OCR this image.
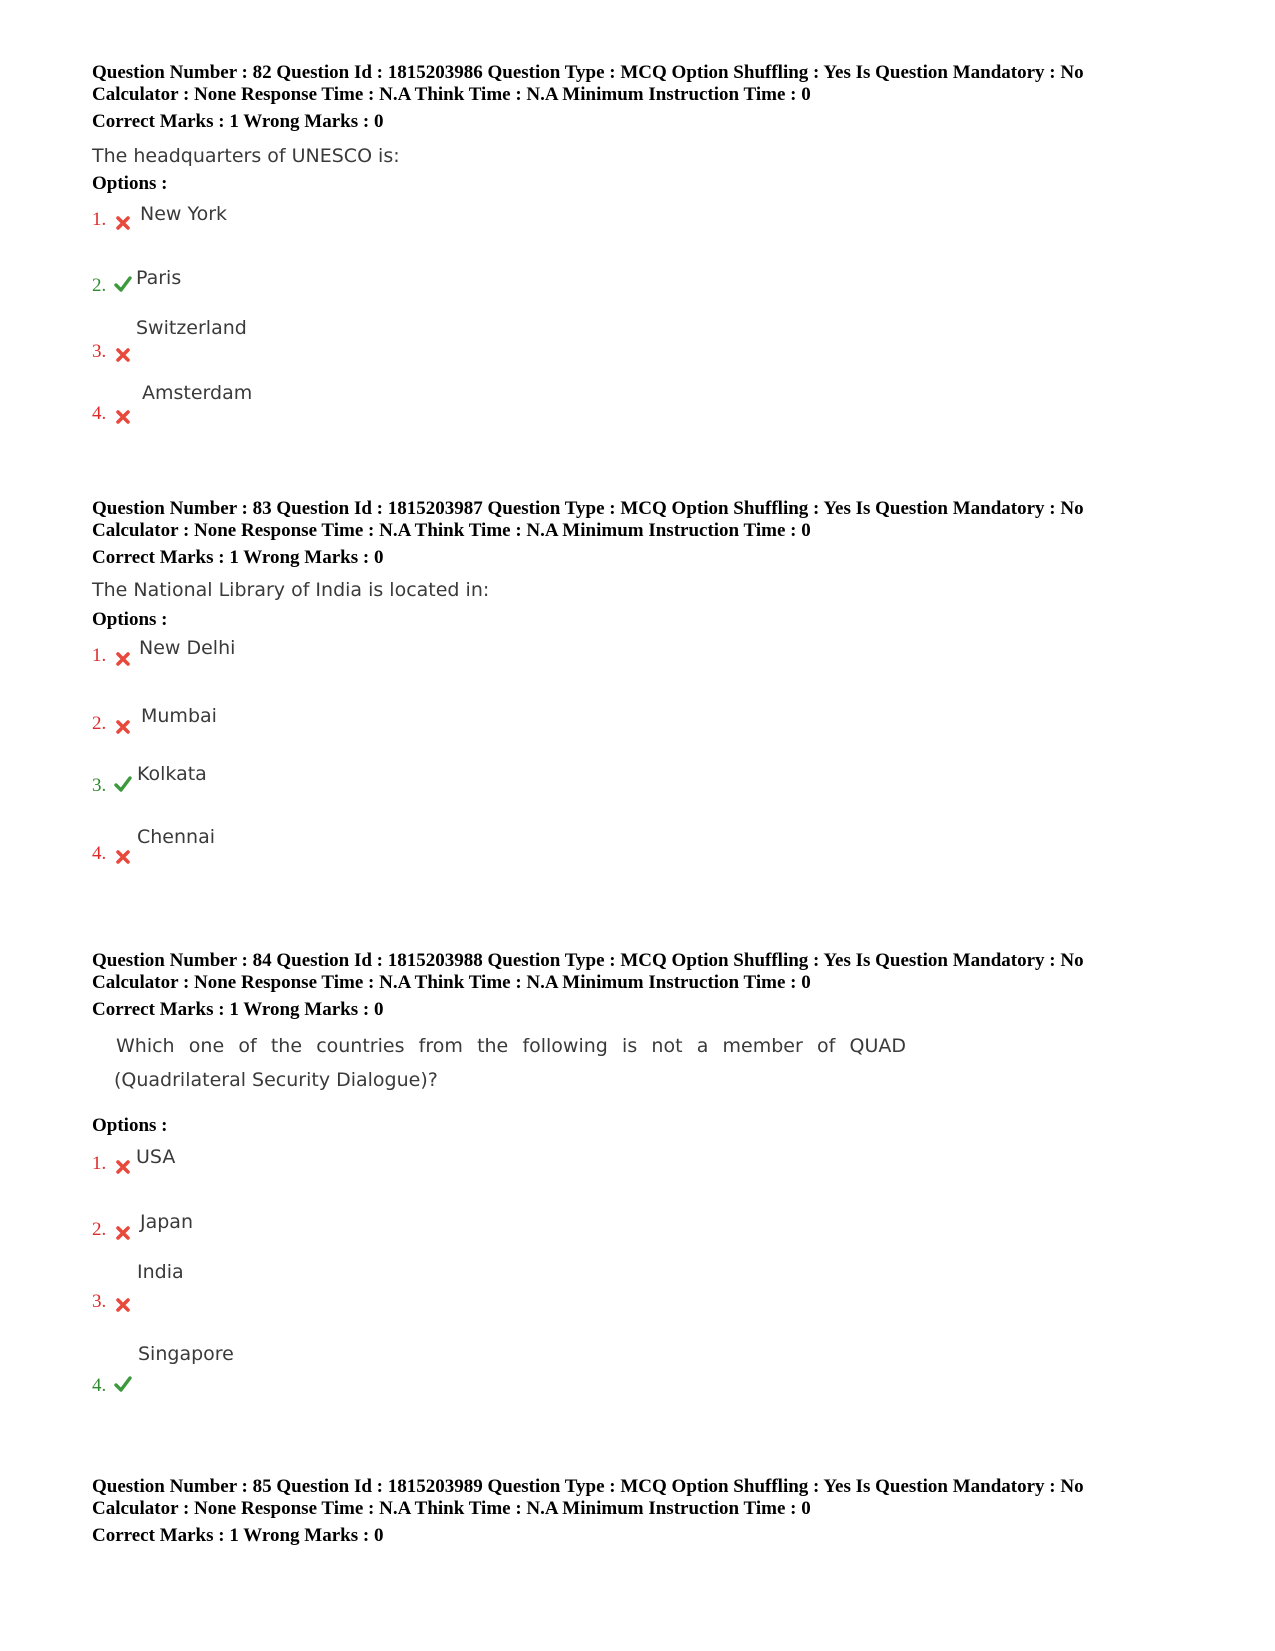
Question Number : 82 Question Id : 1815203986 Question Type : MCQ Option Shuffling : Yes Is Question Mandatory : No
Calculator : None Response Time : N.A Think Time : N.A Minimum Instruction Time : 0
Correct Marks : 1 Wrong Marks : 0
The headquarters of UNESCO is:
Options :
1. New York
2. Paris
3.
Switzerland
4.
Amsterdam
Question Number : 83 Question Id : 1815203987 Question Type : MCQ Option Shuffling : Yes Is Question Mandatory : No
Calculator : None Response Time : N.A Think Time : N.A Minimum Instruction Time : 0
Correct Marks : 1 Wrong Marks : 0
The National Library of India is located in:
Options :
1. New Delhi
2. Mumbai
3.
Kolkata
4.
Chennai
Question Number : 84 Question Id : 1815203988 Question Type : MCQ Option Shuffling : Yes Is Question Mandatory : No
Calculator : None Response Time : N.A Think Time : N.A Minimum Instruction Time : 0
Correct Marks : 1 Wrong Marks : 0
Which one of the countries from the following is not a member of QUAD
(Quadrilateral Security Dialogue)?
Options :
1. USA
2. Japan
3.
India
4.
Singapore
Question Number : 85 Question Id : 1815203989 Question Type : MCQ Option Shuffling : Yes Is Question Mandatory : No
Calculator : None Response Time : N.A Think Time : N.A Minimum Instruction Time : 0
Correct Marks : 1 Wrong Marks : 0
